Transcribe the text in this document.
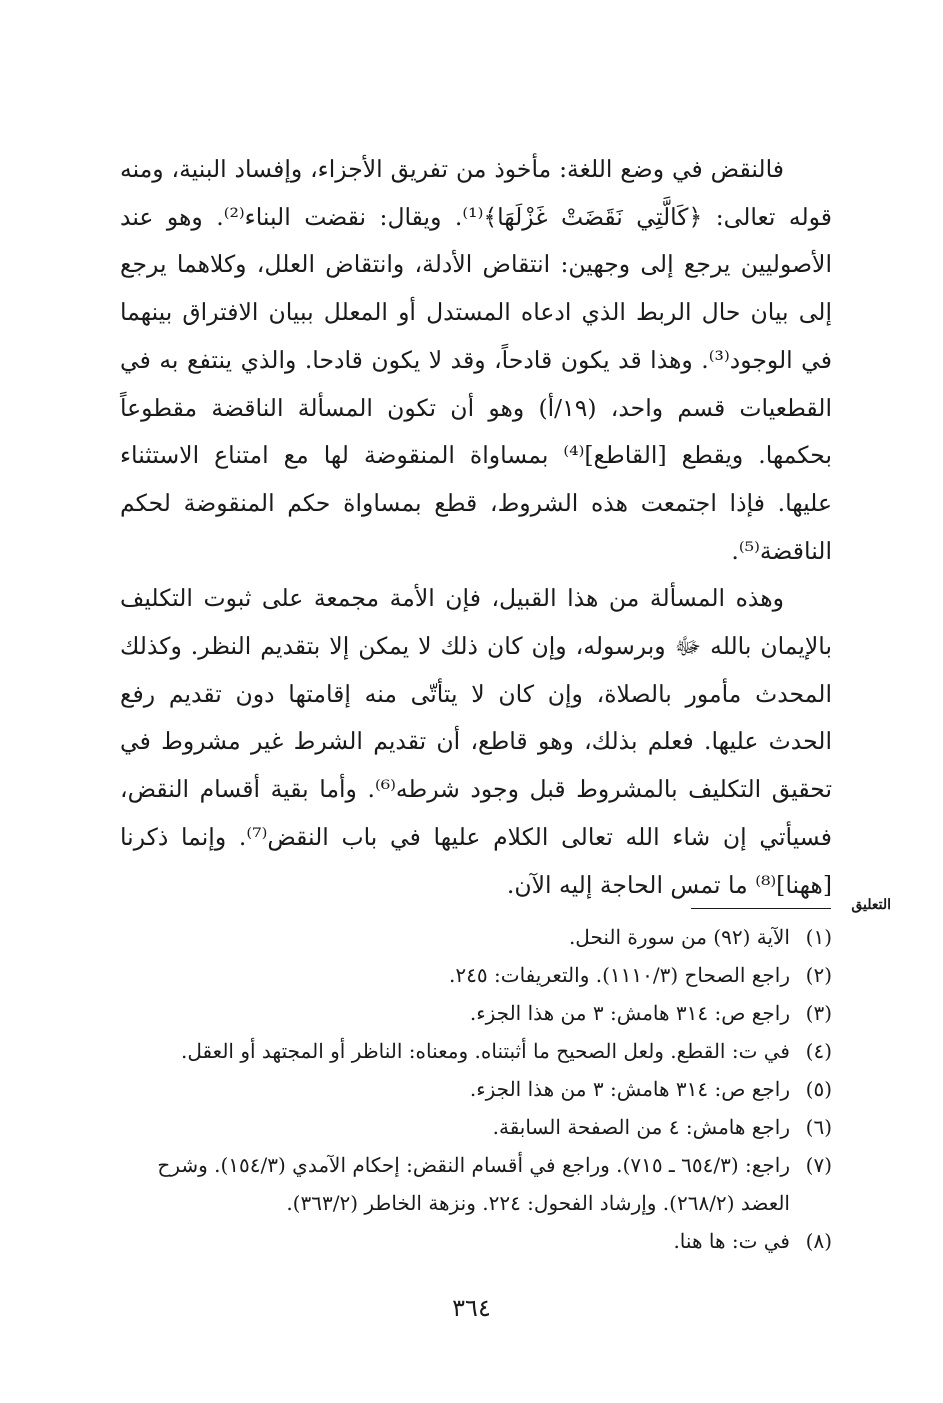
فالنقض في وضع اللغة: مأخوذ من تفريق الأجزاء، وإفساد البنية، ومنه قوله تعالى: ﴿كَالَّتِي نَقَضَتْ غَزْلَهَا﴾⁽¹⁾. ويقال: نقضت البناء⁽²⁾. وهو عند الأصوليين يرجع إلى وجهين: انتقاض الأدلة، وانتقاض العلل، وكلاهما يرجع إلى بيان حال الربط الذي ادعاه المستدل أو المعلل ببيان الافتراق بينهما في الوجود⁽³⁾. وهذا قد يكون قادحاً، وقد لا يكون قادحا. والذي ينتفع به في القطعيات قسم واحد، (١٩/أ) وهو أن تكون المسألة الناقضة مقطوعاً بحكمها. ويقطع [القاطع]⁽⁴⁾ بمساواة المنقوضة لها مع امتناع الاستثناء عليها. فإذا اجتمعت هذه الشروط، قطع بمساواة حكم المنقوضة لحكم الناقضة⁽⁵⁾.

وهذه المسألة من هذا القبيل، فإن الأمة مجمعة على ثبوت التكليف بالإيمان بالله ﷻ وبرسوله، وإن كان ذلك لا يمكن إلا بتقديم النظر. وكذلك المحدث مأمور بالصلاة، وإن كان لا يتأتّى منه إقامتها دون تقديم رفع الحدث عليها. فعلم بذلك، وهو قاطع، أن تقديم الشرط غير مشروط في تحقيق التكليف بالمشروط قبل وجود شرطه⁽⁶⁾. وأما بقية أقسام النقض، فسيأتي إن شاء الله تعالى الكلام عليها في باب النقض⁽⁷⁾. وإنما ذكرنا [ههنا]⁽⁸⁾ ما تمس الحاجة إليه الآن.

التعليق
(١)
الآية (٩٢) من سورة النحل.
(٢)
راجع الصحاح (١١١٠/٣). والتعريفات: ٢٤٥.
(٣)
راجع ص: ٣١٤ هامش: ٣ من هذا الجزء.
(٤)
في ت: القطع. ولعل الصحيح ما أثبتناه. ومعناه: الناظر أو المجتهد أو العقل.
(٥)
راجع ص: ٣١٤ هامش: ٣ من هذا الجزء.
(٦)
راجع هامش: ٤ من الصفحة السابقة.
(٧)
راجع: (٦٥٤/٣ ـ ٧١٥). وراجع في أقسام النقض: إحكام الآمدي (١٥٤/٣). وشرح العضد (٢٦٨/٢). وإرشاد الفحول: ٢٢٤. ونزهة الخاطر (٣٦٣/٢).
(٨)
في ت: ها هنا.
٣٦٤
